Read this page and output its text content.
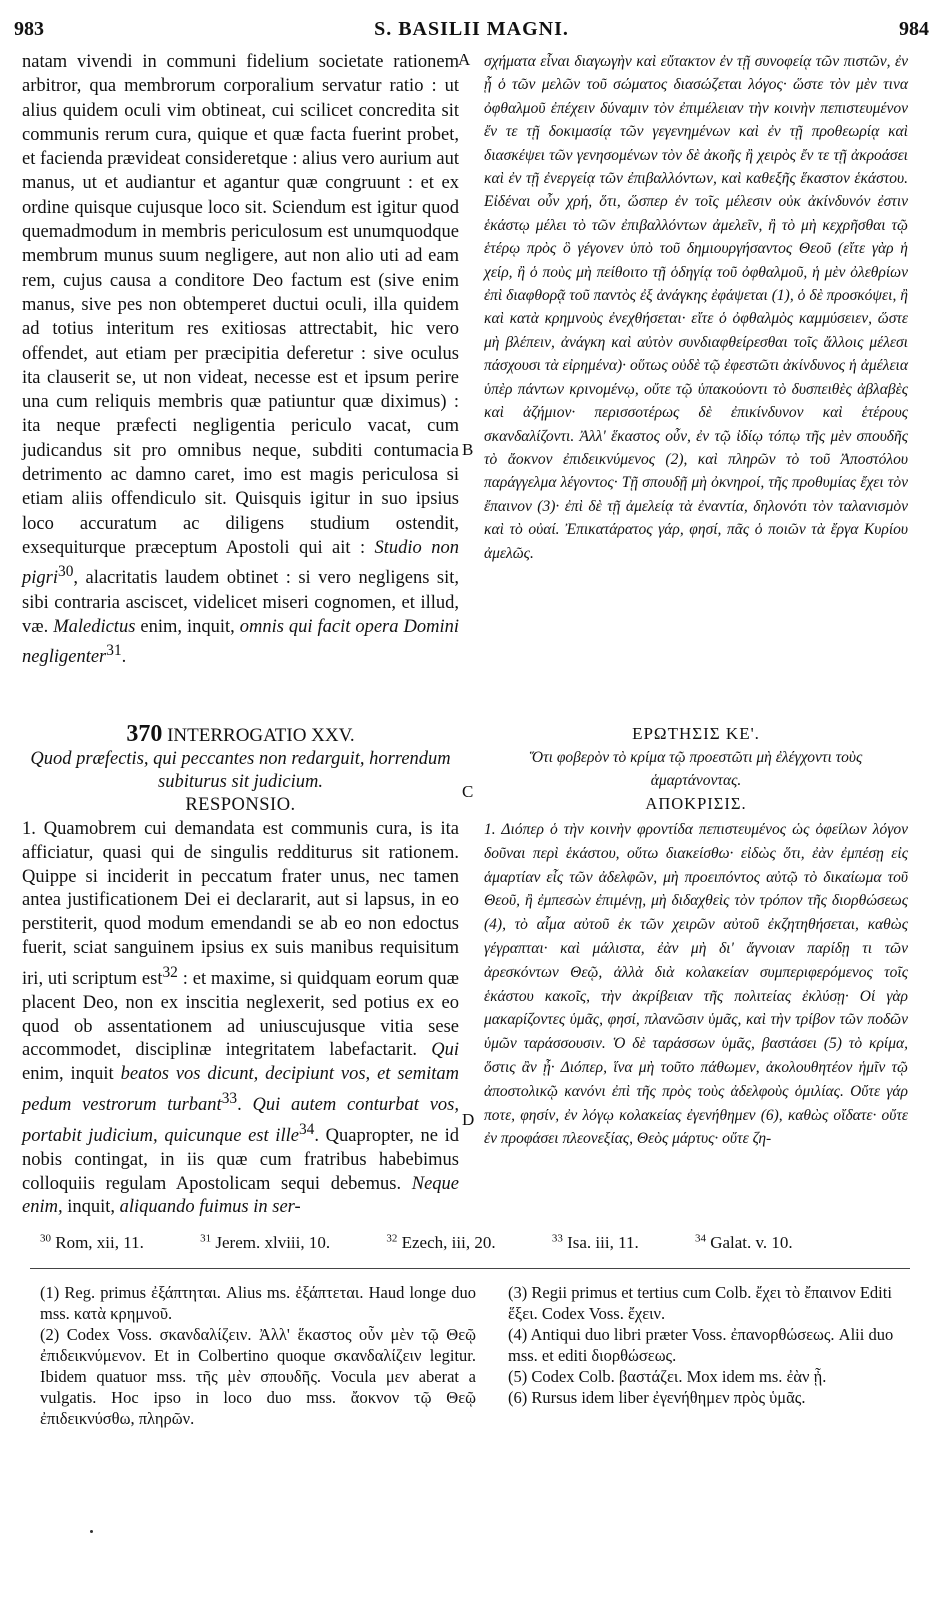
983	S. BASILII MAGNI.	984
A
B
C
D

natam vivendi in communi fidelium societate rationem arbitror, qua membrorum corporalium servatur ratio : ut alius quidem oculi vim obtineat, cui scilicet concredita sit communis rerum cura, quique et quæ facta fuerint probet, et facienda prævideat consideretque : alius vero aurium aut manus, ut et audiantur et agantur quæ congruunt : et ex ordine quisque cujusque loco sit. Sciendum est igitur quod quemadmodum in membris periculosum est unumquodque membrum munus suum negligere, aut non alio uti ad eam rem, cujus causa a conditore Deo factum est (sive enim manus, sive pes non obtemperet ductui oculi, illa quidem ad totius interitum res exitiosas attrectabit, hic vero offendet, aut etiam per præcipitia deferetur : sive oculus ita clauserit se, ut non videat, necesse est et ipsum perire una cum reliquis membris quæ patiuntur quæ diximus) : ita neque præfecti negligentia periculo vacat, cum judicandus sit pro omnibus neque, subditi contumacia detrimento ac damno caret, imo est magis periculosa si etiam aliis offendiculo sit. Quisquis igitur in suo ipsius loco accuratum ac diligens studium ostendit, exsequiturque præceptum Apostoli qui ait : Studio non pigri$^{30}$, alacritatis laudem obtinet : si vero negligens sit, sibi contraria asciscet, videlicet miseri cognomen, et illud, væ. Maledictus enim, inquit, omnis qui facit opera Domini negligenter$^{31}$.

σχήματα εἶναι διαγωγὴν καὶ εὔτακτον ἐν τῇ συνοφείᾳ τῶν πιστῶν, ἐν ᾗ ὁ τῶν μελῶν τοῦ σώματος διασώζεται λόγος· ὥστε τὸν μὲν τινα ὀφθαλμοῦ ἐπέχειν δύναμιν τὸν ἐπιμέλειαν τὴν κοινὴν πεπιστευμένον ἔν τε τῇ δοκιμασίᾳ τῶν γεγενημένων καὶ ἐν τῇ προθεωρίᾳ καὶ διασκέψει τῶν γενησομένων τὸν δὲ ἀκοῆς ἢ χειρὸς ἔν τε τῇ ἀκροάσει καὶ ἐν τῇ ἐνεργείᾳ τῶν ἐπιβαλλόντων, καὶ καθεξῆς ἕκαστον ἑκάστου. Εἰδέναι οὖν χρή, ὅτι, ὥσπερ ἐν τοῖς μέλεσιν οὐκ ἀκίνδυνόν ἐστιν ἑκάστῳ μέλει τὸ τῶν ἐπιβαλλόντων ἀμελεῖν, ἢ τὸ μὴ κεχρῆσθαι τῷ ἑτέρῳ πρὸς ὃ γέγονεν ὑπὸ τοῦ δημιουργήσαντος Θεοῦ (εἴτε γὰρ ἡ χείρ, ἢ ὁ ποὺς μὴ πείθοιτο τῇ ὁδηγίᾳ τοῦ ὀφθαλμοῦ, ἡ μὲν ὀλεθρίων ἐπὶ διαφθορᾷ τοῦ παντὸς ἐξ ἀνάγκης ἐφάψεται (1), ὁ δὲ προσκόψει, ἢ καὶ κατὰ κρημνοὺς ἐνεχθήσεται· εἴτε ὁ ὀφθαλμὸς καμμύσειεν, ὥστε μὴ βλέπειν, ἀνάγκη καὶ αὐτὸν συνδιαφθείρεσθαι τοῖς ἄλλοις μέλεσι πάσχουσι τὰ εἰρημένα)· οὕτως οὐδὲ τῷ ἐφεστῶτι ἀκίνδυνος ἡ ἀμέλεια ὑπὲρ πάντων κρινομένῳ, οὔτε τῷ ὑπακούοντι τὸ δυσπειθὲς ἀβλαβὲς καὶ ἀζήμιον· περισσοτέρως δὲ ἐπικίνδυνον καὶ ἑτέρους σκανδαλίζοντι. Ἀλλ' ἕκαστος οὖν, ἐν τῷ ἰδίῳ τόπῳ τῆς μὲν σπουδῆς τὸ ἄοκνον ἐπιδεικνύμενος (2), καὶ πληρῶν τὸ τοῦ Ἀποστόλου παράγγελμα λέγοντος· Τῇ σπουδῇ μὴ ὀκνηροί, τῆς προθυμίας ἔχει τὸν ἔπαινον (3)· ἐπὶ δὲ τῇ ἀμελείᾳ τὰ ἐναντία, δηλονότι τὸν ταλανισμὸν καὶ τὸ οὐαί. Ἐπικατάρατος γάρ, φησί, πᾶς ὁ ποιῶν τὰ ἔργα Κυρίου ἀμελῶς.

370 INTERROGATIO XXV.
Quod præfectis, qui peccantes non redarguit, horrendum subiturus sit judicium.
RESPONSIO.
ΕΡΩΤΗΣΙΣ ΚΕ'.
Ὅτι φοβερὸν τὸ κρίμα τῷ προεστῶτι μὴ ἐλέγχοντι τοὺς ἁμαρτάνοντας.
ΑΠΟΚΡΙΣΙΣ.

1. Quamobrem cui demandata est communis cura, is ita afficiatur, quasi qui de singulis redditurus sit rationem. Quippe si inciderit in peccatum frater unus, nec tamen antea justificationem Dei ei declararit, aut si lapsus, in eo perstiterit, quod modum emendandi se ab eo non edoctus fuerit, sciat sanguinem ipsius ex suis manibus requisitum iri, uti scriptum est$^{32}$ : et maxime, si quidquam eorum quæ placent Deo, non ex inscitia neglexerit, sed potius ex eo quod ob assentationem ad uniuscujusque vitia sese accommodet, disciplinæ integritatem labefactarit. Qui enim, inquit beatos vos dicunt, decipiunt vos, et semitam pedum vestrorum turbant$^{33}$. Qui autem conturbat vos, portabit judicium, quicunque est ille$^{34}$. Quapropter, ne id nobis contingat, in iis quæ cum fratribus habebimus colloquiis regulam Apostolicam sequi debemus. Neque enim, inquit, aliquando fuimus in ser-

1. Διόπερ ὁ τὴν κοινὴν φροντίδα πεπιστευμένος ὡς ὀφείλων λόγον δοῦναι περὶ ἑκάστου, οὕτω διακείσθω· εἰδὼς ὅτι, ἐὰν ἐμπέσῃ εἰς ἁμαρτίαν εἷς τῶν ἀδελφῶν, μὴ προειπόντος αὐτῷ τὸ δικαίωμα τοῦ Θεοῦ, ἢ ἐμπεσὼν ἐπιμένῃ, μὴ διδαχθεὶς τὸν τρόπον τῆς διορθώσεως (4), τὸ αἷμα αὐτοῦ ἐκ τῶν χειρῶν αὐτοῦ ἐκζητηθήσεται, καθὼς γέγραπται· καὶ μάλιστα, ἐὰν μὴ δι' ἄγνοιαν παρίδῃ τι τῶν ἀρεσκόντων Θεῷ, ἀλλὰ διὰ κολακείαν συμπεριφερόμενος τοῖς ἑκάστου κακοῖς, τὴν ἀκρίβειαν τῆς πολιτείας ἐκλύσῃ· Οἱ γὰρ μακαρίζοντες ὑμᾶς, φησί, πλανῶσιν ὑμᾶς, καὶ τὴν τρίβον τῶν ποδῶν ὑμῶν ταράσσουσιν. Ὁ δὲ ταράσσων ὑμᾶς, βαστάσει (5) τὸ κρίμα, ὅστις ἂν ᾖ· Διόπερ, ἵνα μὴ τοῦτο πάθωμεν, ἀκολουθητέον ἡμῖν τῷ ἀποστολικῷ κανόνι ἐπὶ τῆς πρὸς τοὺς ἀδελφοὺς ὁμιλίας. Οὔτε γάρ ποτε, φησίν, ἐν λόγῳ κολακείας ἐγενήθημεν (6), καθὼς οἴδατε· οὔτε ἐν προφάσει πλεονεξίας, Θεὸς μάρτυς· οὔτε ζη-

$^{30}$ Rom, xii, 11.	$^{31}$ Jerem. xlviii, 10.	$^{32}$ Ezech, iii, 20.	$^{33}$ Isa. iii, 11.	$^{34}$ Galat. v. 10.

(1) Reg. primus ἐξάπτηται. Alius ms. ἐξάπτεται. Haud longe duo mss. κατὰ κρημνοῦ.

(2) Codex Voss. σκανδαλίζειν. Ἀλλ' ἕκαστος οὖν μὲν τῷ Θεῷ ἐπιδεικνύμενον. Et in Colbertino quoque σκανδαλίζειν legitur. Ibidem quatuor mss. τῆς μὲν σπουδῆς. Vocula μεν aberat a vulgatis. Hoc ipso in loco duo mss. ἄοκνον τῷ Θεῷ ἐπιδεικνύσθω, πληρῶν.

(3) Regii primus et tertius cum Colb. ἔχει τὸ ἔπαινον Editi ἕξει. Codex Voss. ἔχειν.

(4) Antiqui duo libri præter Voss. ἐπανορθώσεως. Alii duo mss. et editi διορθώσεως.

(5) Codex Colb. βαστάζει. Mox idem ms. ἐὰν ᾖ.

(6) Rursus idem liber ἐγενήθημεν πρὸς ὑμᾶς.
